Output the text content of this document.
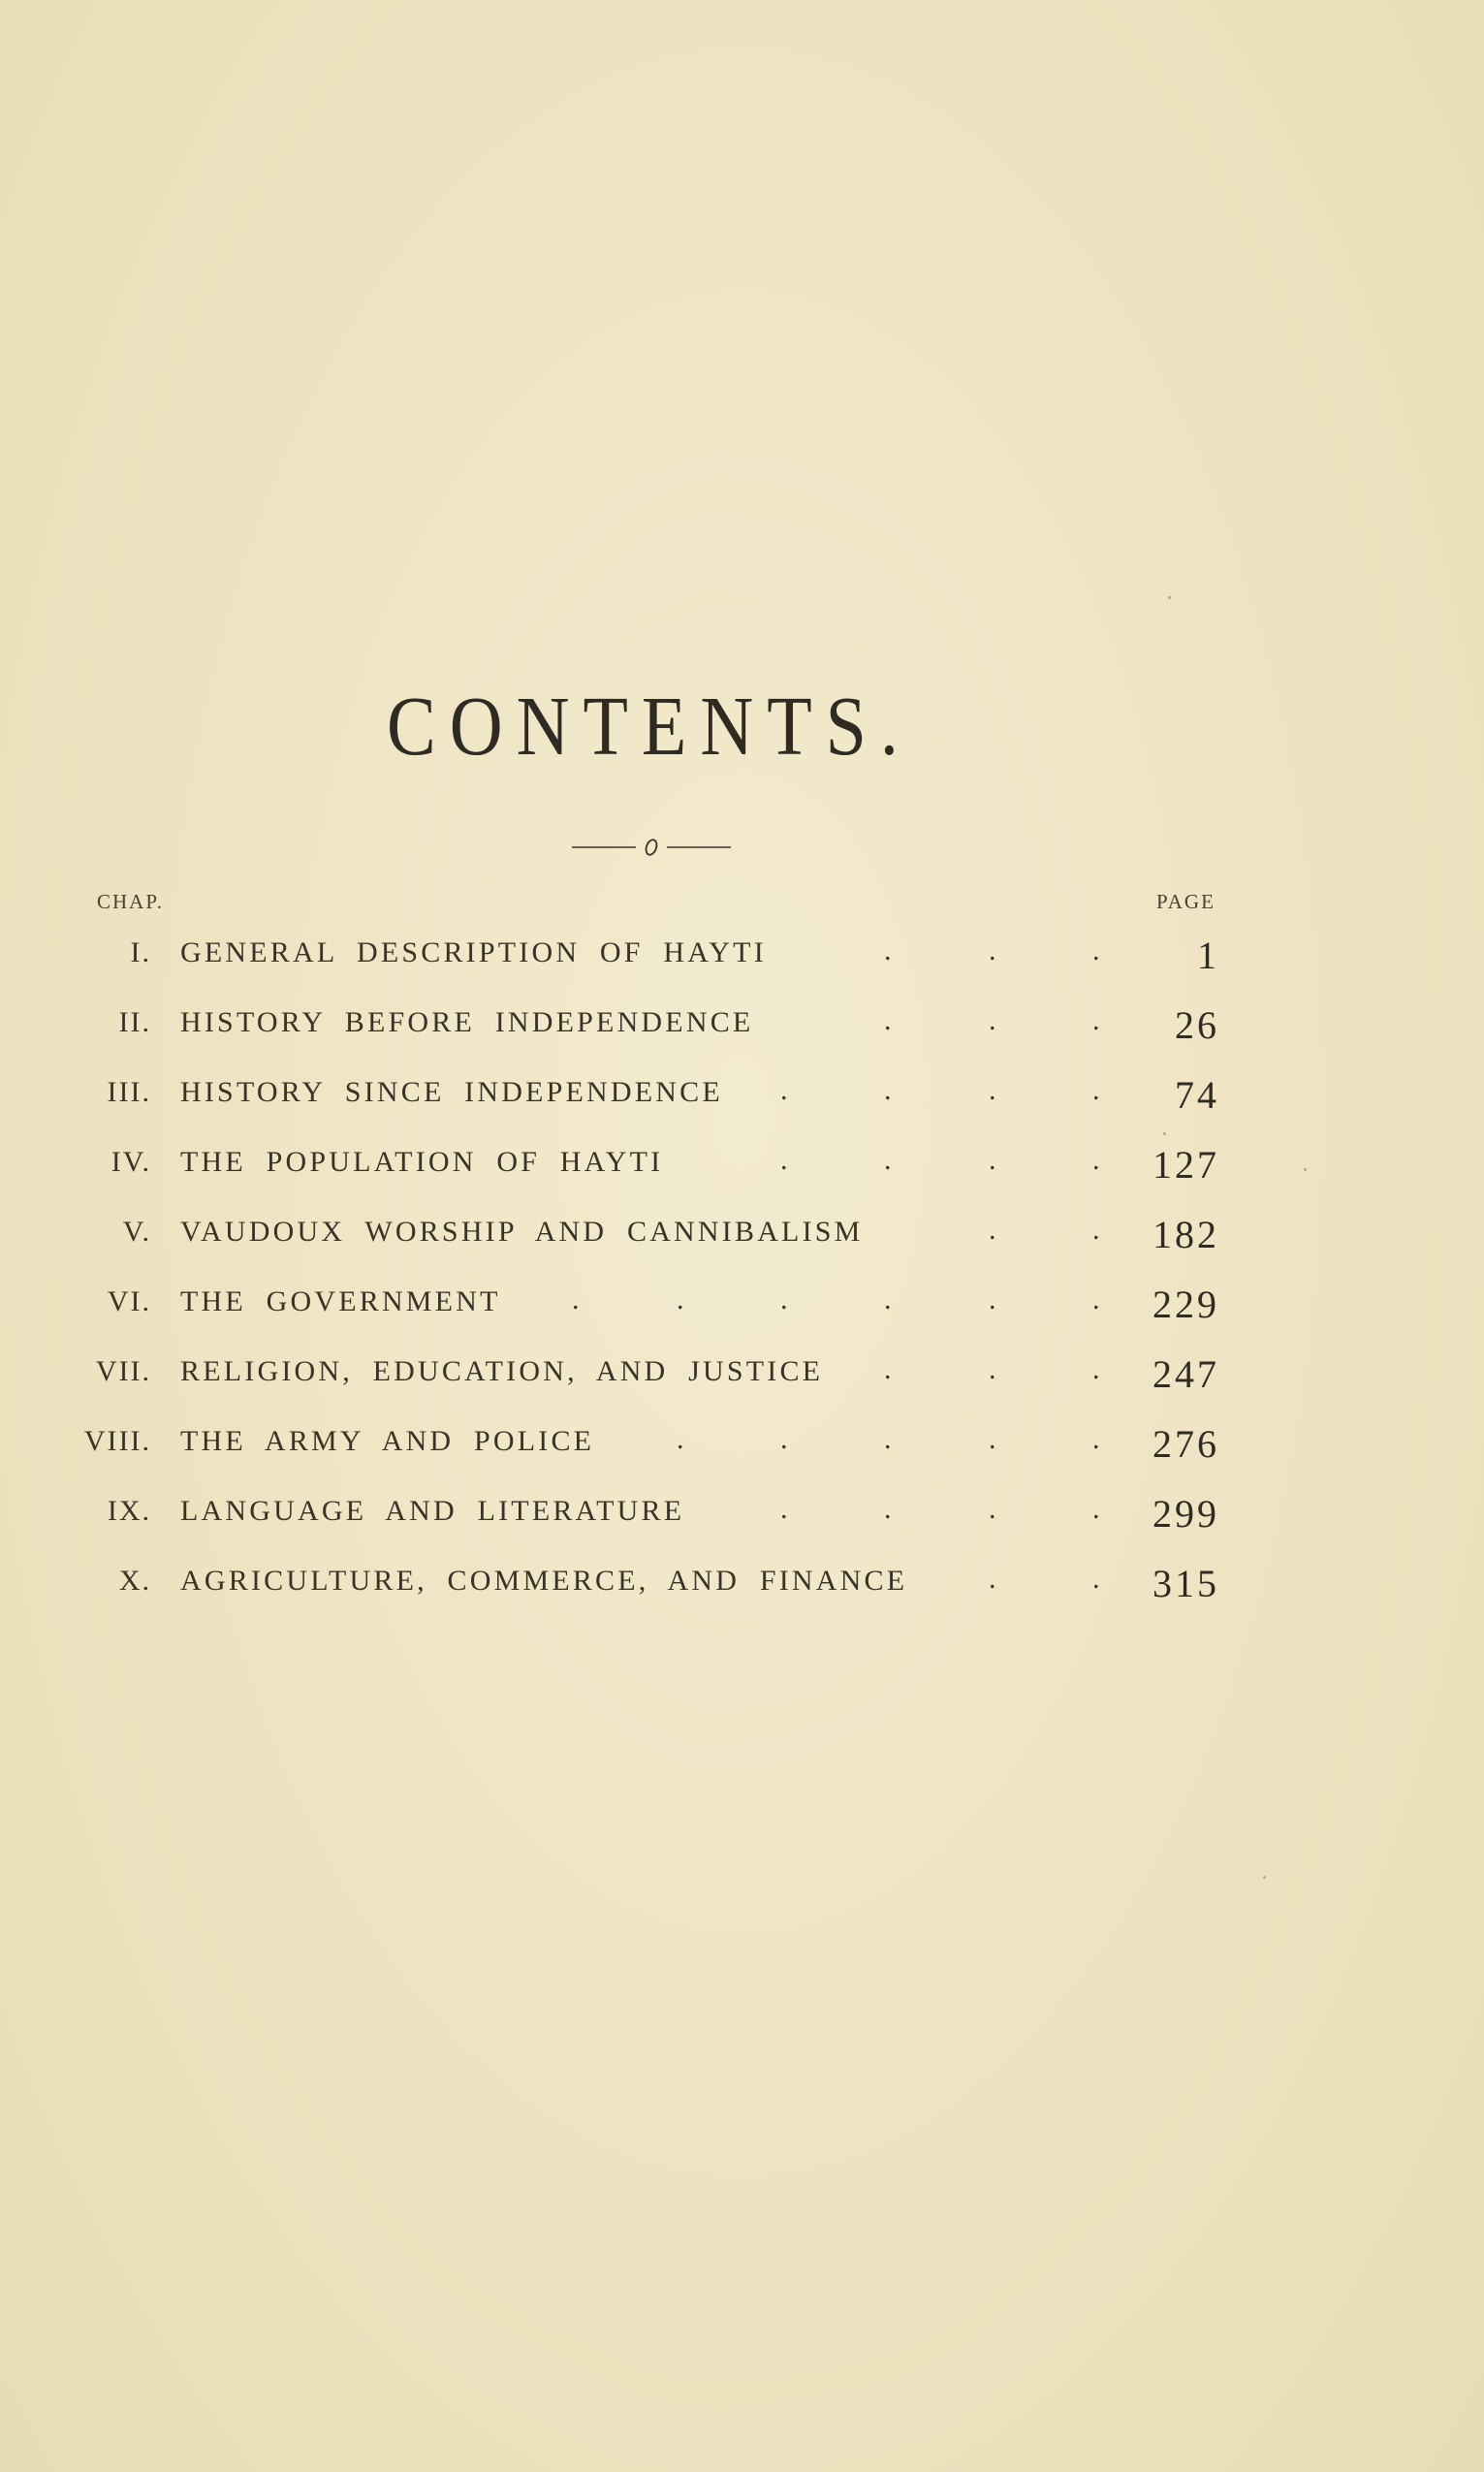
CONTENTS.
CHAP.	PAGE
I. GENERAL DESCRIPTION OF HAYTI	.	.	.	1
II. HISTORY BEFORE INDEPENDENCE	.	.	. 26
III. HISTORY SINCE INDEPENDENCE .	.	.	. 74
IV. THE POPULATION OF HAYTI	.	.	.	. 127
V. VAUDOUX WORSHIP AND CANNIBALISM	.	. 182
VI. THE GOVERNMENT .	.	.	.	.	. 229
VII. RELIGION, EDUCATION, AND JUSTICE .	.	. 247
VIII. THE ARMY AND POLICE	.	.	.	.	. 276
IX. LANGUAGE AND LITERATURE	.	.	.	. 299
X. AGRICULTURE, COMMERCE, AND FINANCE	.	. 315
